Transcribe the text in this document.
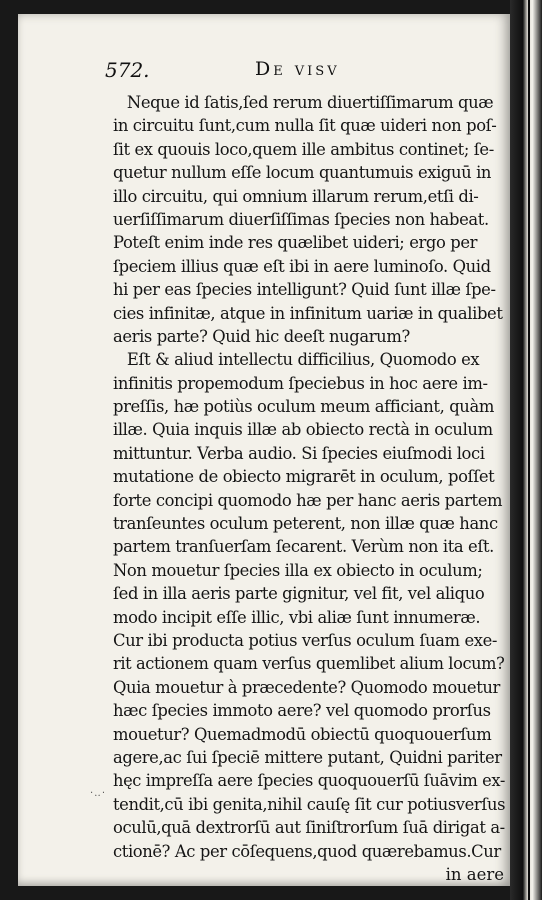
572.	De visv
Neque id ſatis,ſed rerum diuertiſſimarum quæ
in circuitu ſunt,cum nulla ſit quæ uideri non poſ-
ſit ex quouis loco,quem ille ambitus continet; ſe-
quetur nullum eſſe locum quantumuis exiguū in
illo circuitu, qui omnium illarum rerum,etſi di-
uerſiſſimarum diuerſiſſimas ſpecies non habeat.
Poteſt enim inde res quælibet uideri; ergo per
ſpeciem illius quæ eſt ibi in aere luminoſo. Quid
hi per eas ſpecies intelligunt? Quid ſunt illæ ſpe-
cies infinitæ, atque in infinitum uariæ in qualibet
aeris parte? Quid hic deeſt nugarum?
Eſt & aliud intellectu difficilius, Quomodo ex
infinitis propemodum ſpeciebus in hoc aere im-
preſſis, hæ potiùs oculum meum afficiant, quàm
illæ. Quia inquis illæ ab obiecto rectà in oculum
mittuntur. Verba audio. Si ſpecies eiuſmodi loci
mutatione de obiecto migrarēt in oculum, poſſet
forte concipi quomodo hæ per hanc aeris partem
tranſeuntes oculum peterent, non illæ quæ hanc
partem tranſuerſam ſecarent. Verùm non ita eſt.
Non mouetur ſpecies illa ex obiecto in oculum;
ſed in illa aeris parte gignitur, vel fit, vel aliquo
modo incipit eſſe illic, vbi aliæ ſunt innumeræ.
Cur ibi producta potius verſus oculum ſuam exe-
rit actionem quam verſus quemlibet alium locum?
Quia mouetur à præcedente? Quomodo mouetur
hæc ſpecies immoto aere? vel quomodo prorſus
mouetur? Quemadmodū obiectū quoquouerſum
agere,ac ſui ſpeciē mittere putant, Quidni pariter
hęc impreſſa aere ſpecies quoquouerſū ſuāvim ex-
tendit,cū ibi genita,nihil cauſę ſit cur potiusverſus
oculū,quā dextrorſū aut ſiniſtrorſum ſuā dirigat a-
ctionē? Ac per cōſequens,quod quærebamus.Cur
in aere
‧‥‧
